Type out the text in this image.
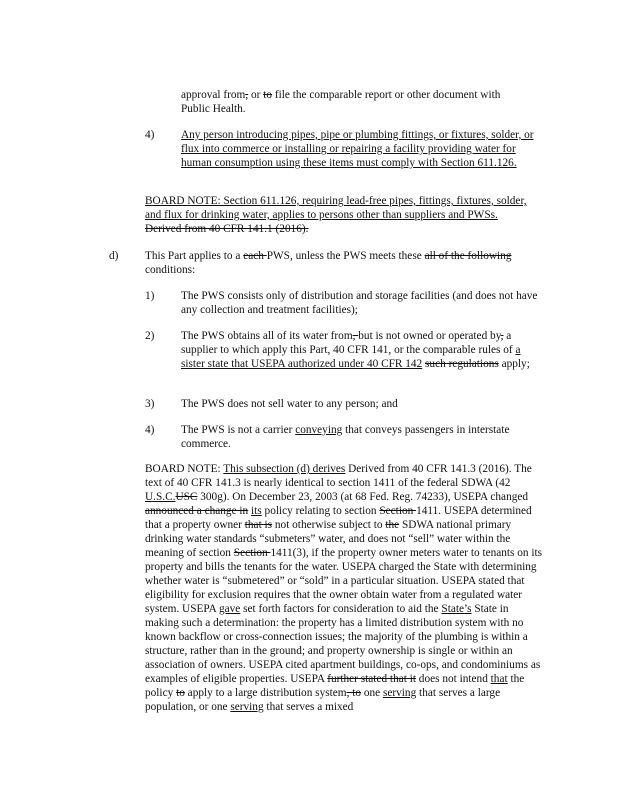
approval from, or to file the comparable report or other document with Public Health.

4) Any person introducing pipes, pipe or plumbing fittings, or fixtures, solder, or flux into commerce or installing or repairing a facility providing water for human consumption using these items must comply with Section 611.126.

BOARD NOTE: Section 611.126, requiring lead-free pipes, fittings, fixtures, solder, and flux for drinking water, applies to persons other than suppliers and PWSs. Derived from 40 CFR 141.1 (2016).

d) This Part applies to a each PWS, unless the PWS meets these all of the following conditions:

1) The PWS consists only of distribution and storage facilities (and does not have any collection and treatment facilities);

2) The PWS obtains all of its water from, but is not owned or operated by, a supplier to which apply this Part, 40 CFR 141, or the comparable rules of a sister state that USEPA authorized under 40 CFR 142 such regulations apply;

3) The PWS does not sell water to any person; and

4) The PWS is not a carrier conveying that conveys passengers in interstate commerce.

BOARD NOTE: This subsection (d) derives Derived from 40 CFR 141.3 (2016). The text of 40 CFR 141.3 is nearly identical to section 1411 of the federal SDWA (42 U.S.C.USC 300g). On December 23, 2003 (at 68 Fed. Reg. 74233), USEPA changed announced a change in its policy relating to section Section 1411. USEPA determined that a property owner that is not otherwise subject to the SDWA national primary drinking water standards “submeters” water, and does not “sell” water within the meaning of section Section 1411(3), if the property owner meters water to tenants on its property and bills the tenants for the water. USEPA charged the State with determining whether water is “submetered” or “sold” in a particular situation. USEPA stated that eligibility for exclusion requires that the owner obtain water from a regulated water system. USEPA gave set forth factors for consideration to aid the State’s State in making such a determination: the property has a limited distribution system with no known backflow or cross-connection issues; the majority of the plumbing is within a structure, rather than in the ground; and property ownership is single or within an association of owners. USEPA cited apartment buildings, co-ops, and condominiums as examples of eligible properties. USEPA further stated that it does not intend that the policy to apply to a large distribution system, to one serving that serves a large population, or one serving that serves a mixed
